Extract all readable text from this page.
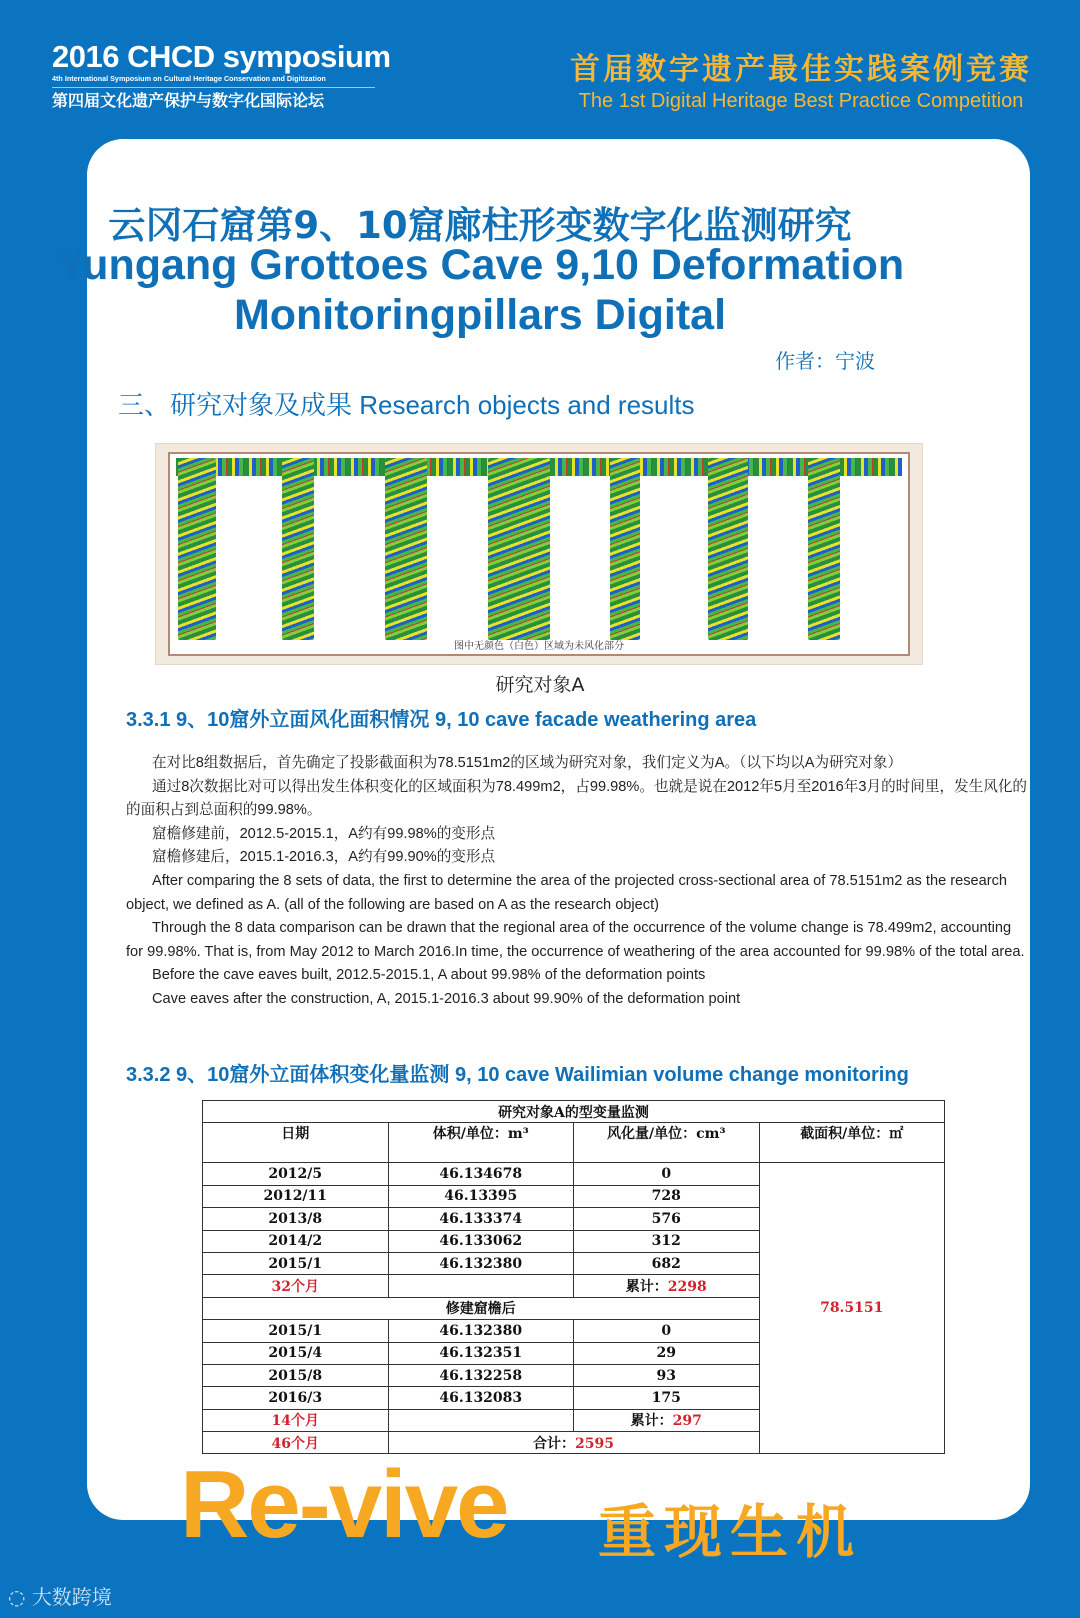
2016 CHCD symposium
4th International Symposium on Cultural Heritage Conservation and Digitization
第四届文化遗产保护与数字化国际论坛
首届数字遗产最佳实践案例竞赛
The 1st Digital Heritage Best Practice Competition
云冈石窟第9、10窟廊柱形变数字化监测研究
Yungang Grottoes Cave 9,10 Deformation
Monitoringpillars Digital
作者：宁波
三、研究对象及成果 Research objects and results
图中无颜色（白色）区域为未风化部分
研究对象A
3.3.1 9、10窟外立面风化面积情况 9, 10 cave facade weathering area

在对比8组数据后，首先确定了投影截面积为78.5151m2的区域为研究对象，我们定义为A。（以下均以A为研究对象）

通过8次数据比对可以得出发生体积变化的区域面积为78.499m2，占99.98%。也就是说在2012年5月至2016年3月的时间里，发生风化的的面积占到总面积的99.98%。

窟檐修建前，2012.5-2015.1，A约有99.98%的变形点

窟檐修建后，2015.1-2016.3，A约有99.90%的变形点

After comparing the 8 sets of data, the first to determine the area of the projected cross-sectional area of 78.5151m2 as the research object, we defined as A. (all of the following are based on A as the research object)

Through the 8 data comparison can be drawn that the regional area of the occurrence of the volume change is 78.499m2, accounting for 99.98%. That is, from May 2012 to March 2016.In time, the occurrence of weathering of the area accounted for 99.98% of the total area.

Before the cave eaves built, 2012.5-2015.1, A about 99.98% of the deformation points

Cave eaves after the construction, A, 2015.1-2016.3 about 99.90% of the deformation point

3.3.2 9、10窟外立面体积变化量监测 9, 10 cave Wailimian volume change monitoring
研究对象A的型变量监测			
日期	体积/单位：m³	风化量/单位：cm³	截面积/单位：㎡
2012/5	46.134678	0	78.5151
2012/11	46.13395	728	
2013/8	46.133374	576	
2014/2	46.133062	312	
2015/1	46.132380	682	
32个月		累计：2298	
修建窟檐后			
2015/1	46.132380	0	
2015/4	46.132351	29	
2015/8	46.132258	93	
2016/3	46.132083	175	
14个月		累计：297	
46个月	合计：2595		
Re-vive 重现生机
◌ 大数跨境
